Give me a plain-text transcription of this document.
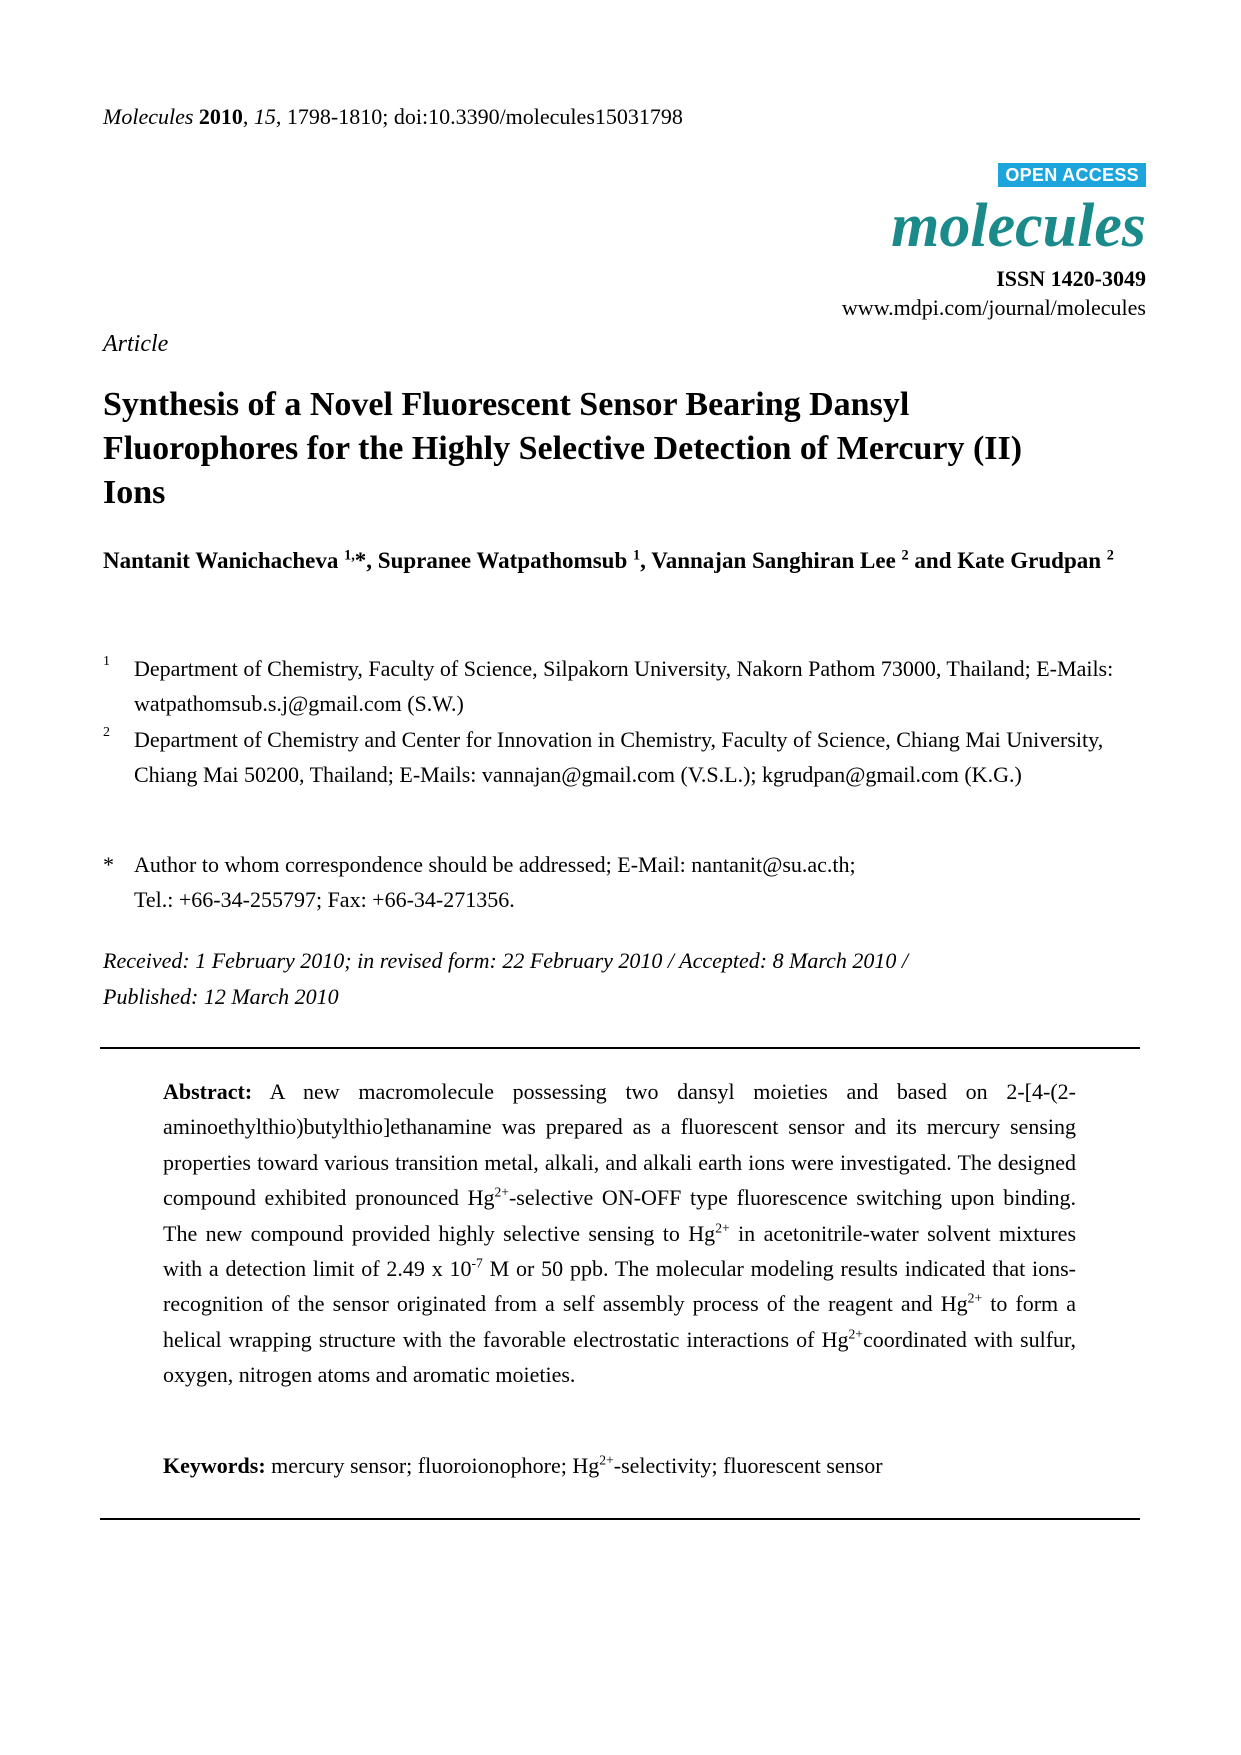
Molecules 2010, 15, 1798-1810; doi:10.3390/molecules15031798

OPEN ACCESS
molecules
ISSN 1420-3049
www.mdpi.com/journal/molecules
Article
Synthesis of a Novel Fluorescent Sensor Bearing Dansyl Fluorophores for the Highly Selective Detection of Mercury (II) Ions
Nantanit Wanichacheva $^{1,}$*, Supranee Watpathomsub $^1$, Vannajan Sanghiran Lee $^2$ and Kate Grudpan $^2$
1 Department of Chemistry, Faculty of Science, Silpakorn University, Nakorn Pathom 73000, Thailand; E-Mails: watpathomsub.s.j@gmail.com (S.W.)
2 Department of Chemistry and Center for Innovation in Chemistry, Faculty of Science, Chiang Mai University, Chiang Mai 50200, Thailand; E-Mails: vannajan@gmail.com (V.S.L.); kgrudpan@gmail.com (K.G.)
* Author to whom correspondence should be addressed; E-Mail: nantanit@su.ac.th;
Tel.: +66-34-255797; Fax: +66-34-271356.
Received: 1 February 2010; in revised form: 22 February 2010 / Accepted: 8 March 2010 /
Published: 12 March 2010
Abstract: A new macromolecule possessing two dansyl moieties and based on 2-[4-(2-aminoethylthio)butylthio]ethanamine was prepared as a fluorescent sensor and its mercury sensing properties toward various transition metal, alkali, and alkali earth ions were investigated. The designed compound exhibited pronounced $Hg^{2+}$-selective ON-OFF type fluorescence switching upon binding. The new compound provided highly selective sensing to $Hg^{2+}$ in acetonitrile-water solvent mixtures with a detection limit of 2.49 x $10^{-7}$ M or 50 ppb. The molecular modeling results indicated that ions-recognition of the sensor originated from a self assembly process of the reagent and $Hg^{2+}$ to form a helical wrapping structure with the favorable electrostatic interactions of $Hg^{2+}coordinated$ with sulfur, oxygen, nitrogen atoms and aromatic moieties.
Keywords: mercury sensor; fluoroionophore; $Hg^{2+}$-selectivity; fluorescent sensor
